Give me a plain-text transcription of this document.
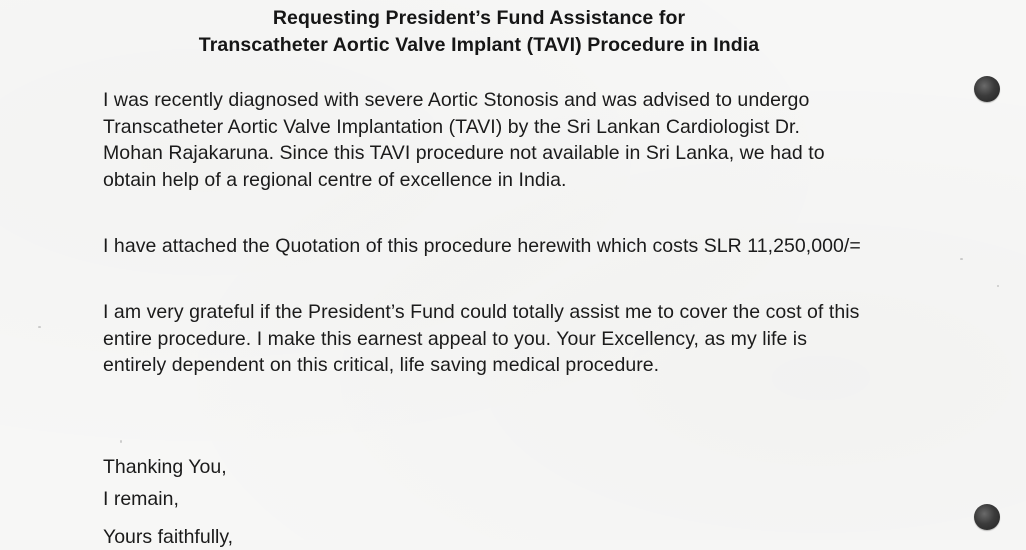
Requesting President’s Fund Assistance for
Transcatheter Aortic Valve Implant (TAVI) Procedure in India

I was recently diagnosed with severe Aortic Stonosis and was advised to undergo Transcatheter Aortic Valve Implantation (TAVI) by the Sri Lankan Cardiologist Dr. Mohan Rajakaruna. Since this TAVI procedure not available in Sri Lanka, we had to obtain help of a regional centre of excellence in India.

I have attached the Quotation of this procedure herewith which costs SLR 11,250,000/=

I am very grateful if the President’s Fund could totally assist me to cover the cost of this entire procedure. I make this earnest appeal to you. Your Excellency, as my life is entirely dependent on this critical, life saving medical procedure.

Thanking You,
I remain,
Yours faithfully,
